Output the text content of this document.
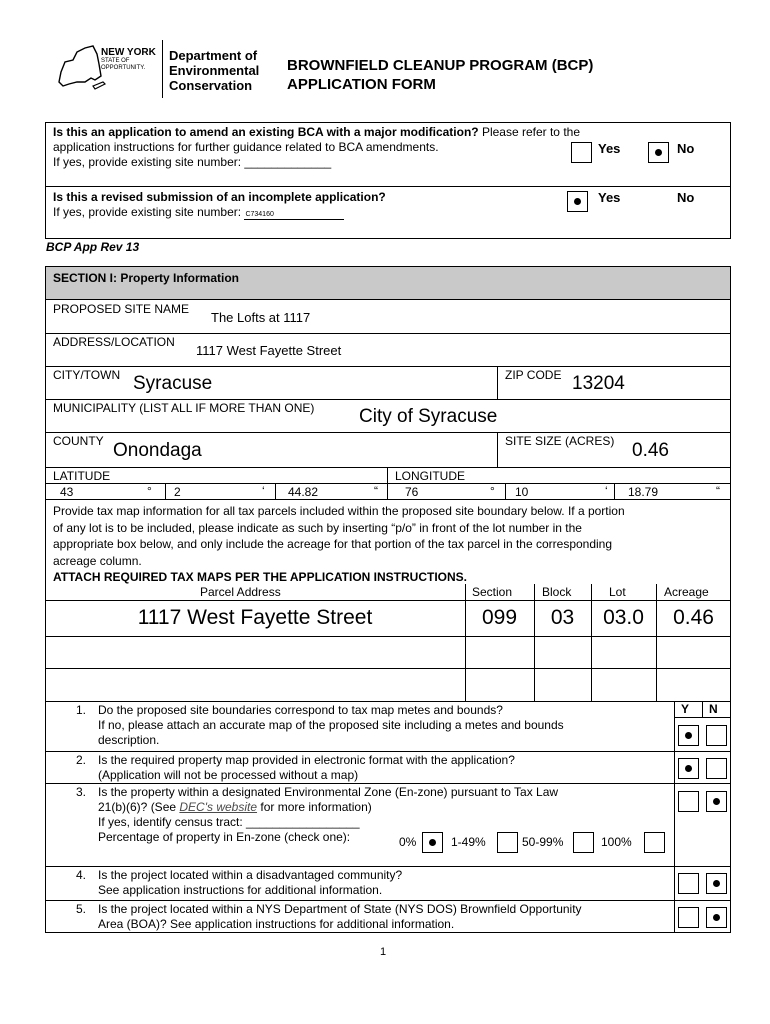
NEW YORK
STATE OF
OPPORTUNITY.
Department of
Environmental
Conservation
BROWNFIELD CLEANUP PROGRAM (BCP)
APPLICATION FORM
Is this an application to amend an existing BCA with a major modification? Please refer to the
application instructions for further guidance related to BCA amendments.
If yes, provide existing site number: _____________
Yes	No
Is this a revised submission of an incomplete application?
If yes, provide existing site number: C734160
Yes	No
BCP App Rev 13
SECTION I: Property Information
PROPOSED SITE NAME
The Lofts at 1117
ADDRESS/LOCATION
1117 West Fayette Street
CITY/TOWN Syracuse	ZIP CODE 13204
MUNICIPALITY (LIST ALL IF MORE THAN ONE) City of Syracuse
COUNTY Onondaga	SITE SIZE (ACRES) 0.46
LATITUDE	LONGITUDE
43	° 2	‘ 44.82	“ 76	° 10	‘ 18.79	“
Provide tax map information for all tax parcels included within the proposed site boundary below. If a portion
of any lot is to be included, please indicate as such by inserting “p/o” in front of the lot number in the
appropriate box below, and only include the acreage for that portion of the tax parcel in the corresponding
acreage column.
ATTACH REQUIRED TAX MAPS PER THE APPLICATION INSTRUCTIONS.
Parcel Address	Section Block	Lot	Acreage
1117 West Fayette Street	099	03	03.0	0.46
Y N
1. Do the proposed site boundaries correspond to tax map metes and bounds?
If no, please attach an accurate map of the proposed site including a metes and bounds
description.
2. Is the required property map provided in electronic format with the application?
(Application will not be processed without a map)
3. Is the property within a designated Environmental Zone (En-zone) pursuant to Tax Law
21(b)(6)? (See DEC's website for more information)
If yes, identify census tract: _________________
Percentage of property in En-zone (check one):	0%	1-49%	50-99%	100%
4. Is the project located within a disadvantaged community?
See application instructions for additional information.
5. Is the project located within a NYS Department of State (NYS DOS) Brownfield Opportunity
Area (BOA)? See application instructions for additional information.
1
